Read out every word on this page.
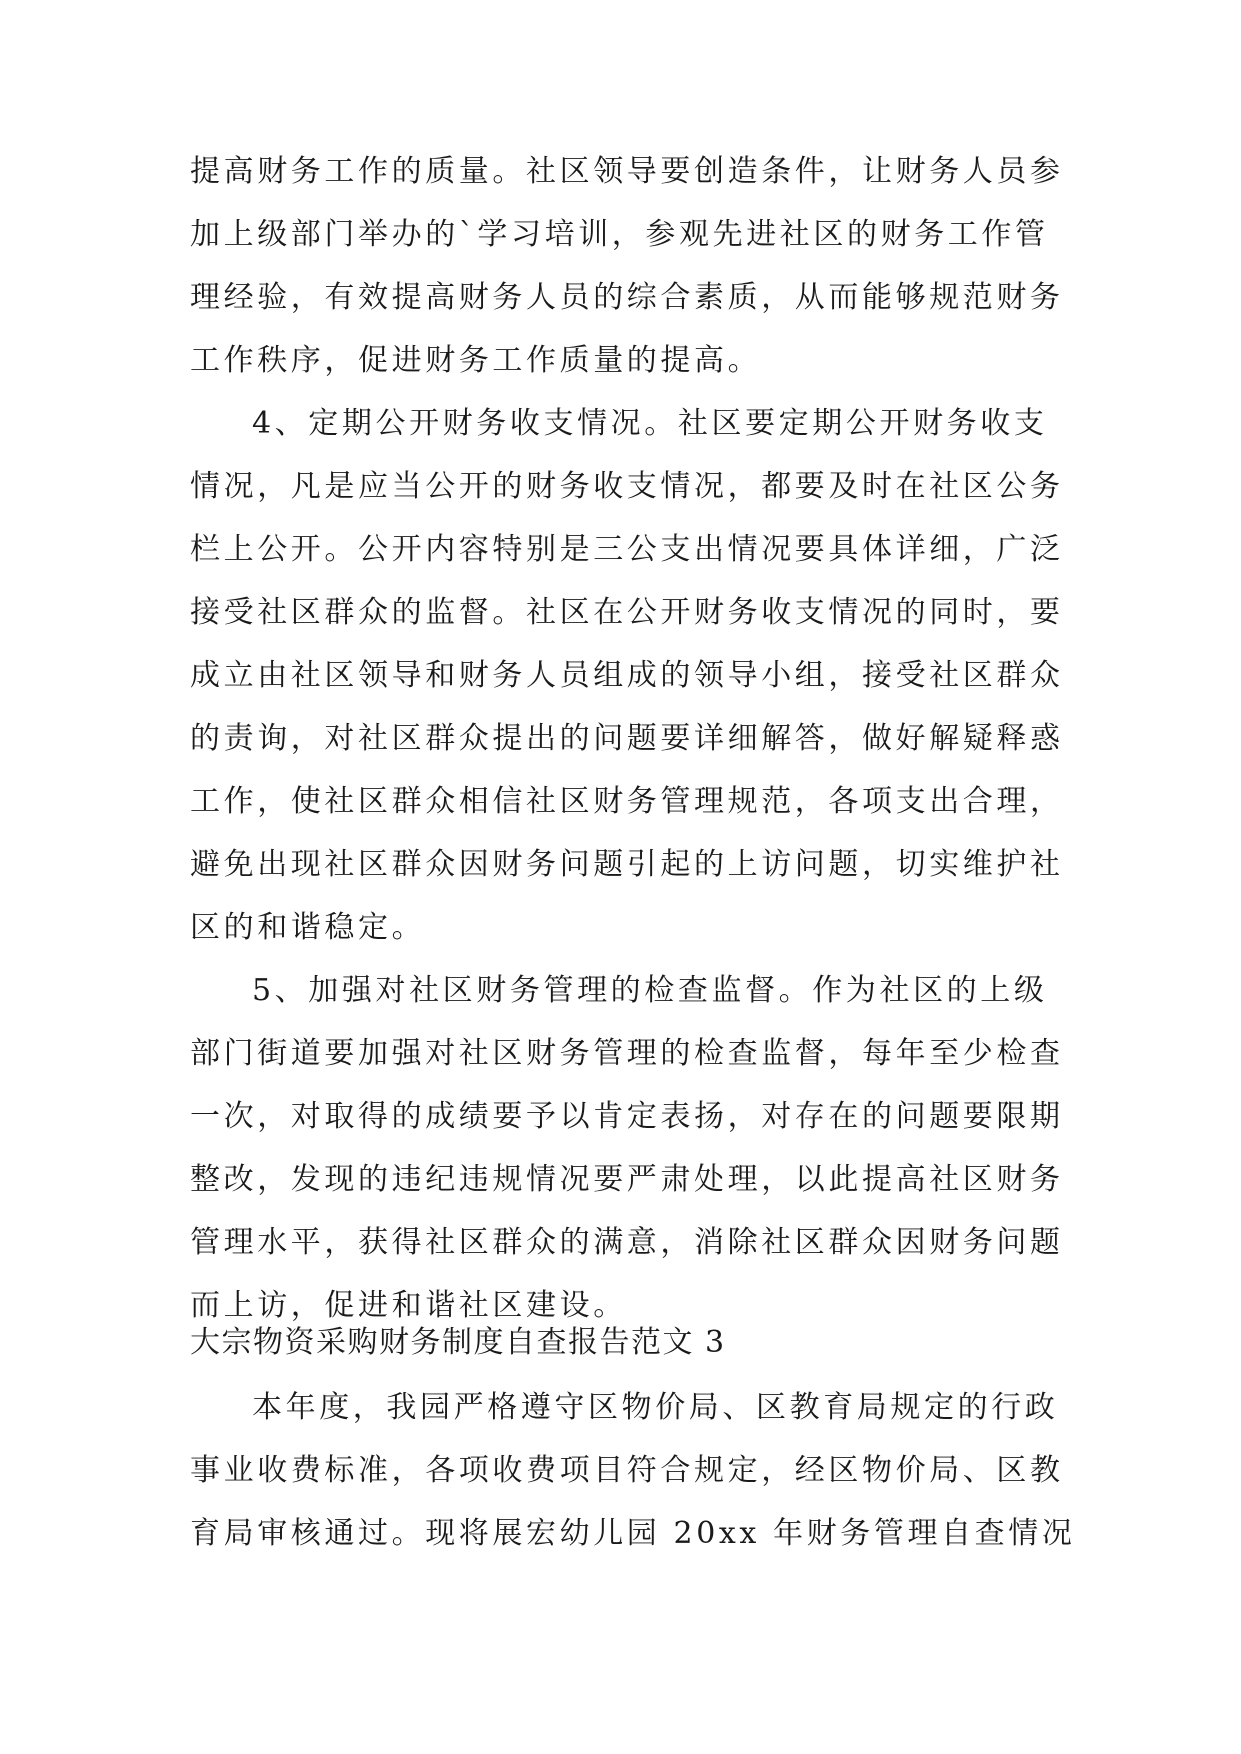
提高财务工作的质量。社区领导要创造条件，让财务人员参
加上级部门举办的`学习培训，参观先进社区的财务工作管
理经验，有效提高财务人员的综合素质，从而能够规范财务
工作秩序，促进财务工作质量的提高。
4、定期公开财务收支情况。社区要定期公开财务收支
情况，凡是应当公开的财务收支情况，都要及时在社区公务
栏上公开。公开内容特别是三公支出情况要具体详细，广泛
接受社区群众的监督。社区在公开财务收支情况的同时，要
成立由社区领导和财务人员组成的领导小组，接受社区群众
的责询，对社区群众提出的问题要详细解答，做好解疑释惑
工作，使社区群众相信社区财务管理规范，各项支出合理，
避免出现社区群众因财务问题引起的上访问题，切实维护社
区的和谐稳定。
5、加强对社区财务管理的检查监督。作为社区的上级
部门街道要加强对社区财务管理的检查监督，每年至少检查
一次，对取得的成绩要予以肯定表扬，对存在的问题要限期
整改，发现的违纪违规情况要严肃处理，以此提高社区财务
管理水平，获得社区群众的满意，消除社区群众因财务问题
而上访，促进和谐社区建设。
大宗物资采购财务制度自查报告范文 3
本年度，我园严格遵守区物价局、区教育局规定的行政
事业收费标准，各项收费项目符合规定，经区物价局、区教
育局审核通过。现将展宏幼儿园 20xx 年财务管理自查情况
